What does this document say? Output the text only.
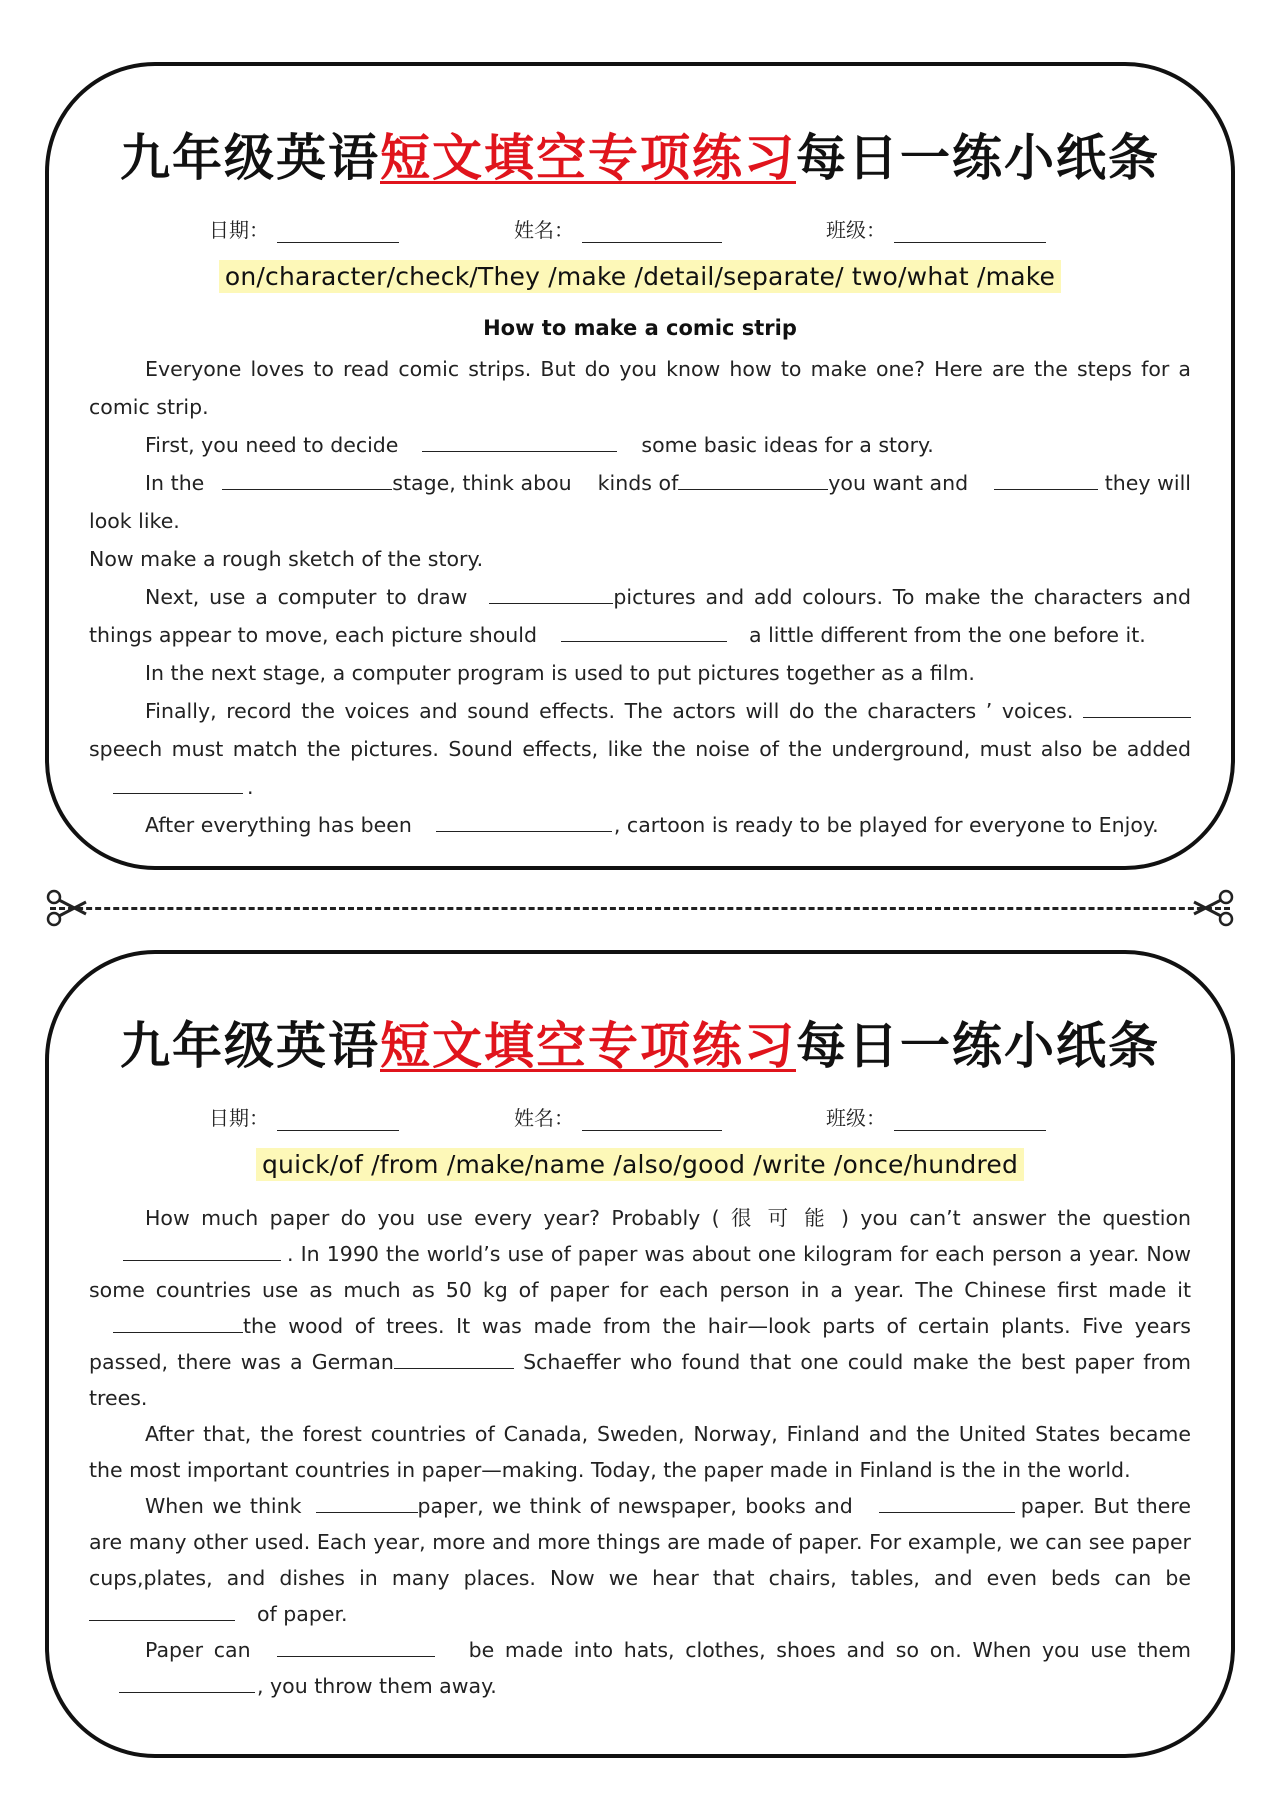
九年级英语短文填空专项练习每日一练小纸条
日期：	姓名：	班级：
on/character/check/They /make /detail/separate/ two/what /make
How to make a comic strip

Everyone loves to read comic strips. But do you know how to make one? Here are the steps for a comic strip.

First, you need to decide	some basic ideas for a story.

In the	stage, think abou kinds of	you want and	they will look like.

Now make a rough sketch of the story.

Next, use a computer to draw	pictures and add colours. To make the characters and things appear to move, each picture should	a little different from the one before it.

In the next stage, a computer program is used to put pictures together as a film.

Finally, record the voices and sound effects. The actors will do the characters ’ voices. speech must match the pictures. Sound effects, like the noise of the underground, must also be added.

After everything has been	, cartoon is ready to be played for everyone to Enjoy.

九年级英语短文填空专项练习每日一练小纸条
日期：	姓名：	班级：
quick/of /from /make/name /also/good /write /once/hundred

How much paper do you use every year? Probably ( 很 可 能 ) you can’t answer the question. In 1990 the world’s use of paper was about one kilogram for each person a year. Now some countries use as much as 50 kg of paper for each person in a year. The Chinese first made itthe wood of trees. It was made from the hair—look parts of certain plants. Five years passed, there was a German	Schaeffer who found that one could make the best paper from trees.

After that, the forest countries of Canada, Sweden, Norway, Finland and the United States became the most important countries in paper—making. Today, the paper made in Finland is the in the world.

When we think	paper, we think of newspaper, books and	paper. But there are many other used. Each year, more and more things are made of paper. For example, we can see paper cups,plates, and dishes in many places. Now we hear that chairs, tables, and even beds can beof paper.

Paper can	be made into hats, clothes, shoes and so on. When you use them, you throw them away.
